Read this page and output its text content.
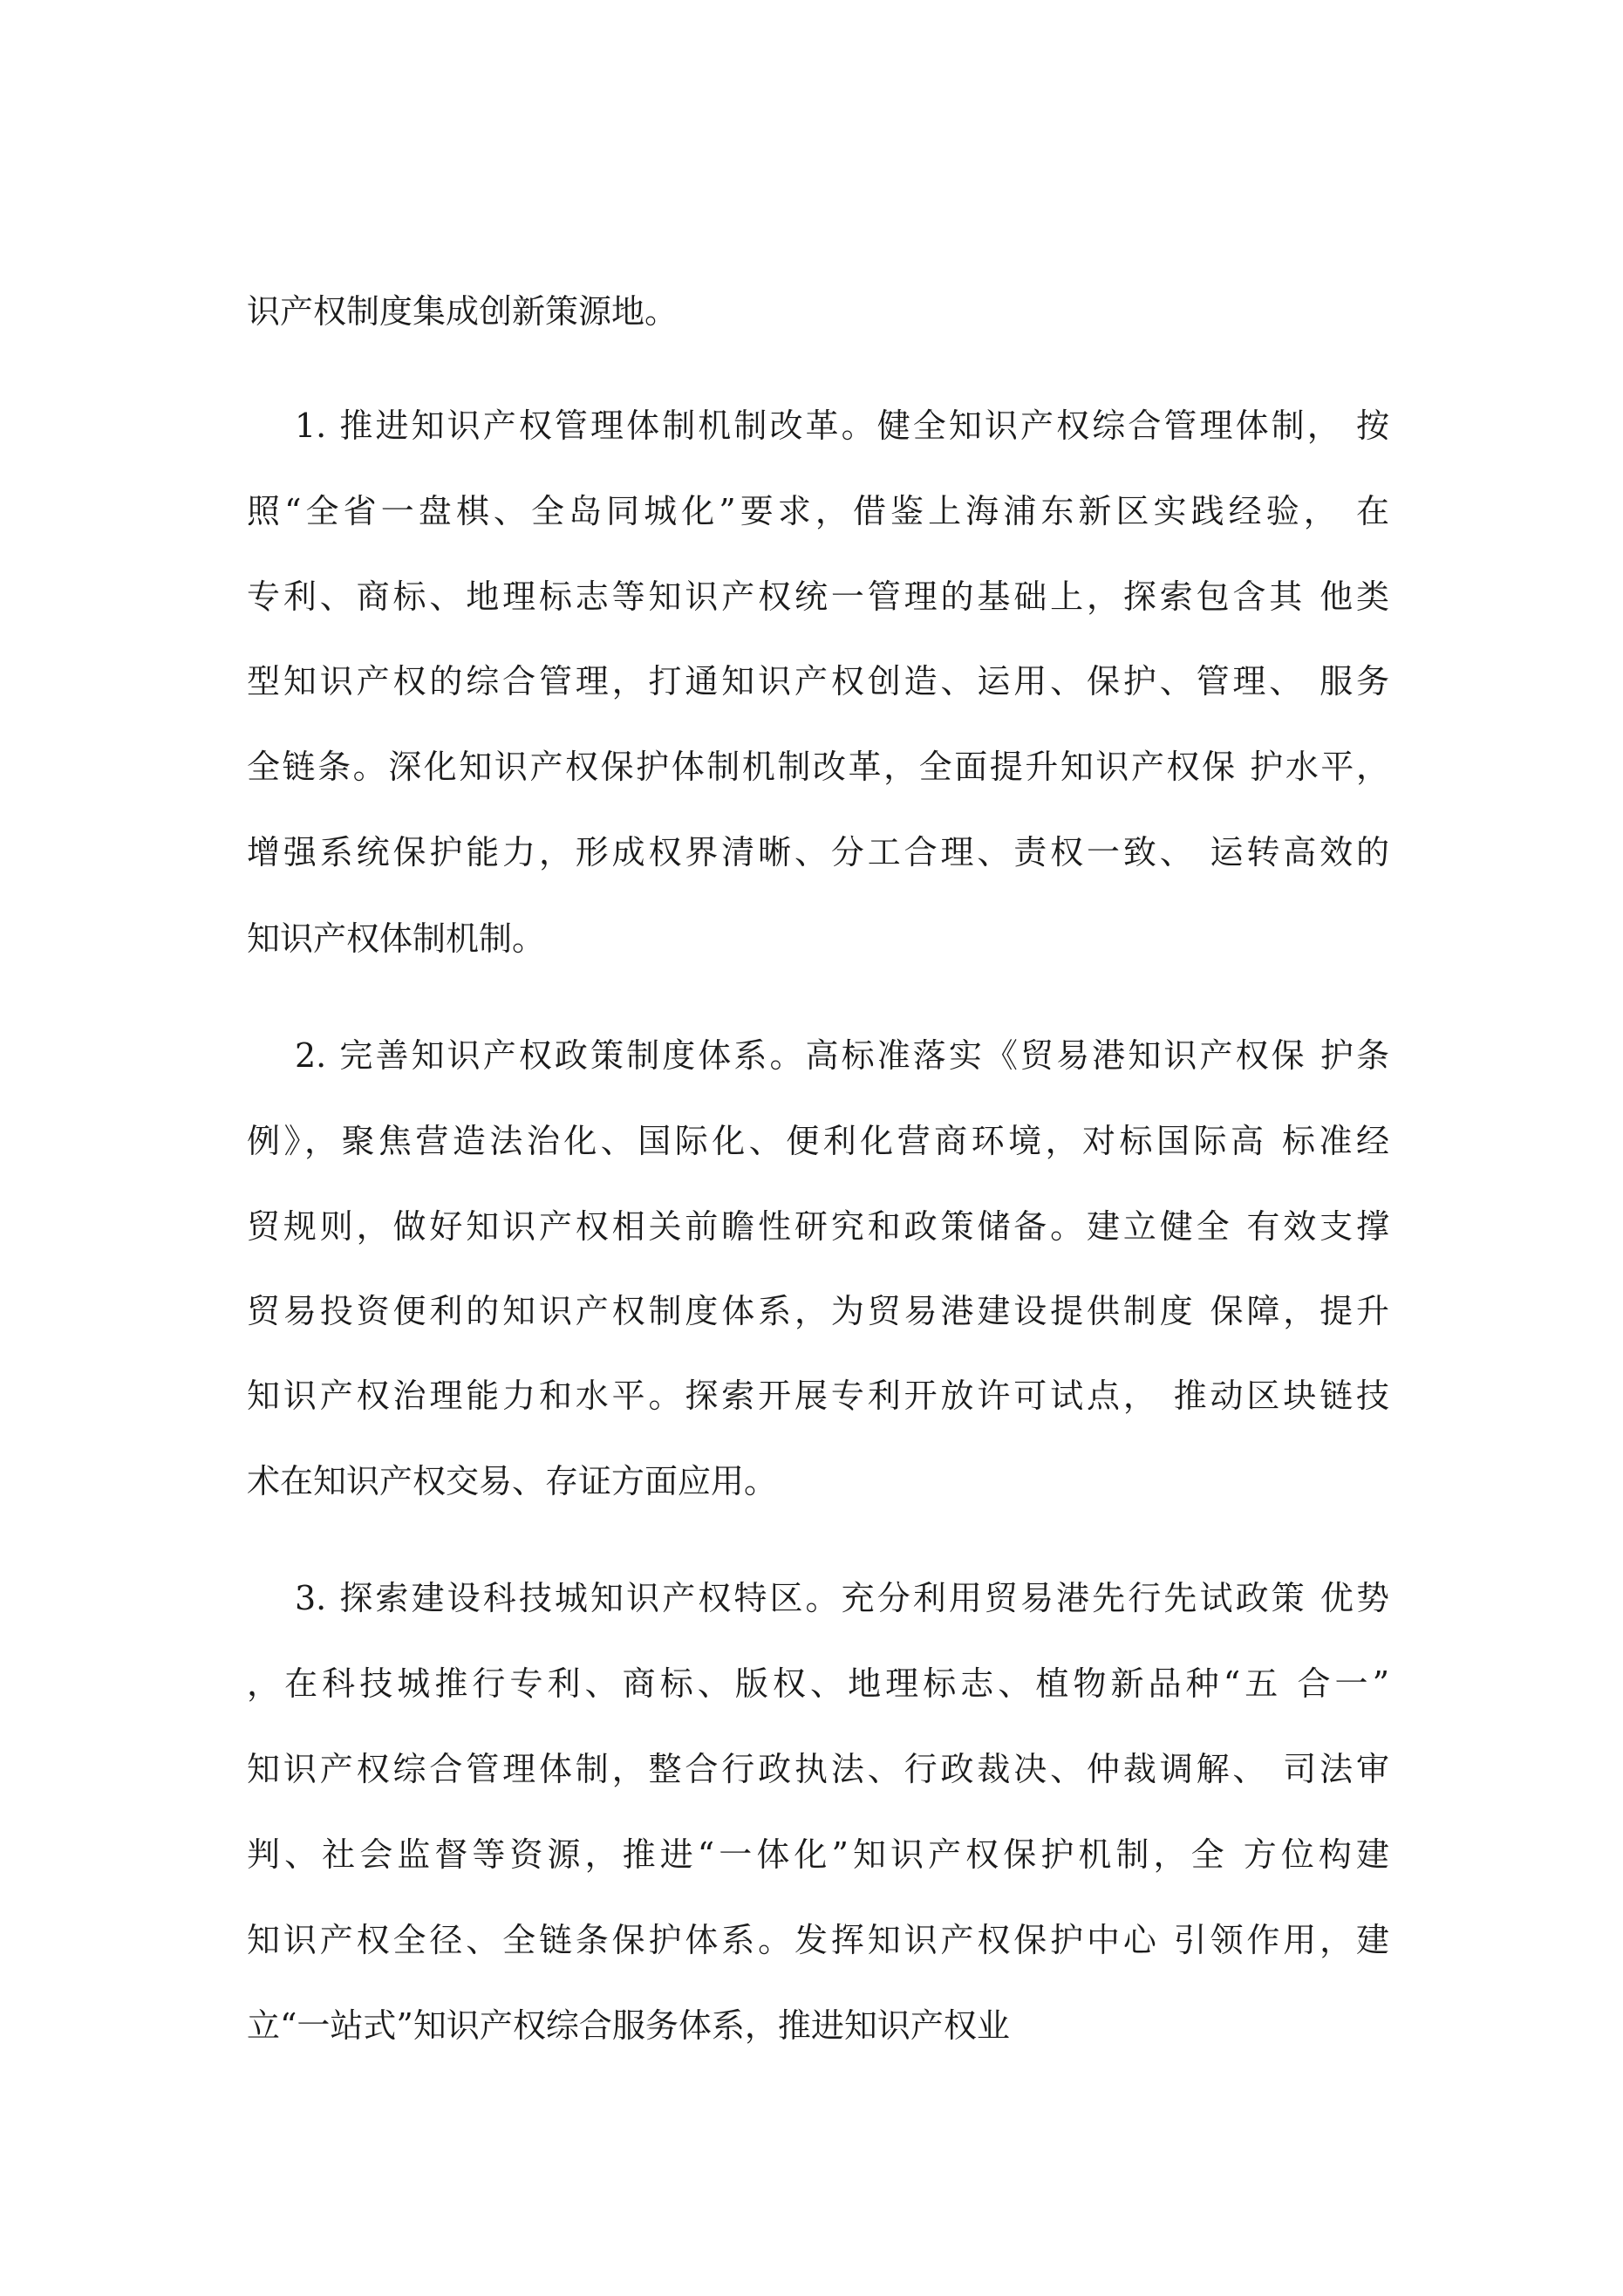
识产权制度集成创新策源地。
1. 推进知识产权管理体制机制改革。健全知识产权综合管理体制， 按
照“全省一盘棋、全岛同城化”要求，借鉴上海浦东新区实践经验， 在
专利、商标、地理标志等知识产权统一管理的基础上，探索包含其 他类
型知识产权的综合管理，打通知识产权创造、运用、保护、管理、 服务
全链条。深化知识产权保护体制机制改革，全面提升知识产权保 护水平，
增强系统保护能力，形成权界清晰、分工合理、责权一致、 运转高效的
知识产权体制机制。
2. 完善知识产权政策制度体系。高标准落实《贸易港知识产权保 护条
例》，聚焦营造法治化、国际化、便利化营商环境，对标国际高 标准经
贸规则，做好知识产权相关前瞻性研究和政策储备。建立健全 有效支撑
贸易投资便利的知识产权制度体系，为贸易港建设提供制度 保障，提升
知识产权治理能力和水平。探索开展专利开放许可试点， 推动区块链技
术在知识产权交易、存证方面应用。
3. 探索建设科技城知识产权特区。充分利用贸易港先行先试政策 优势
，在科技城推行专利、商标、版权、地理标志、植物新品种“五 合一”
知识产权综合管理体制，整合行政执法、行政裁决、仲裁调解、 司法审
判、社会监督等资源，推进“一体化”知识产权保护机制，全 方位构建
知识产权全径、全链条保护体系。发挥知识产权保护中心 引领作用，建
立“一站式”知识产权综合服务体系，推进知识产权业
